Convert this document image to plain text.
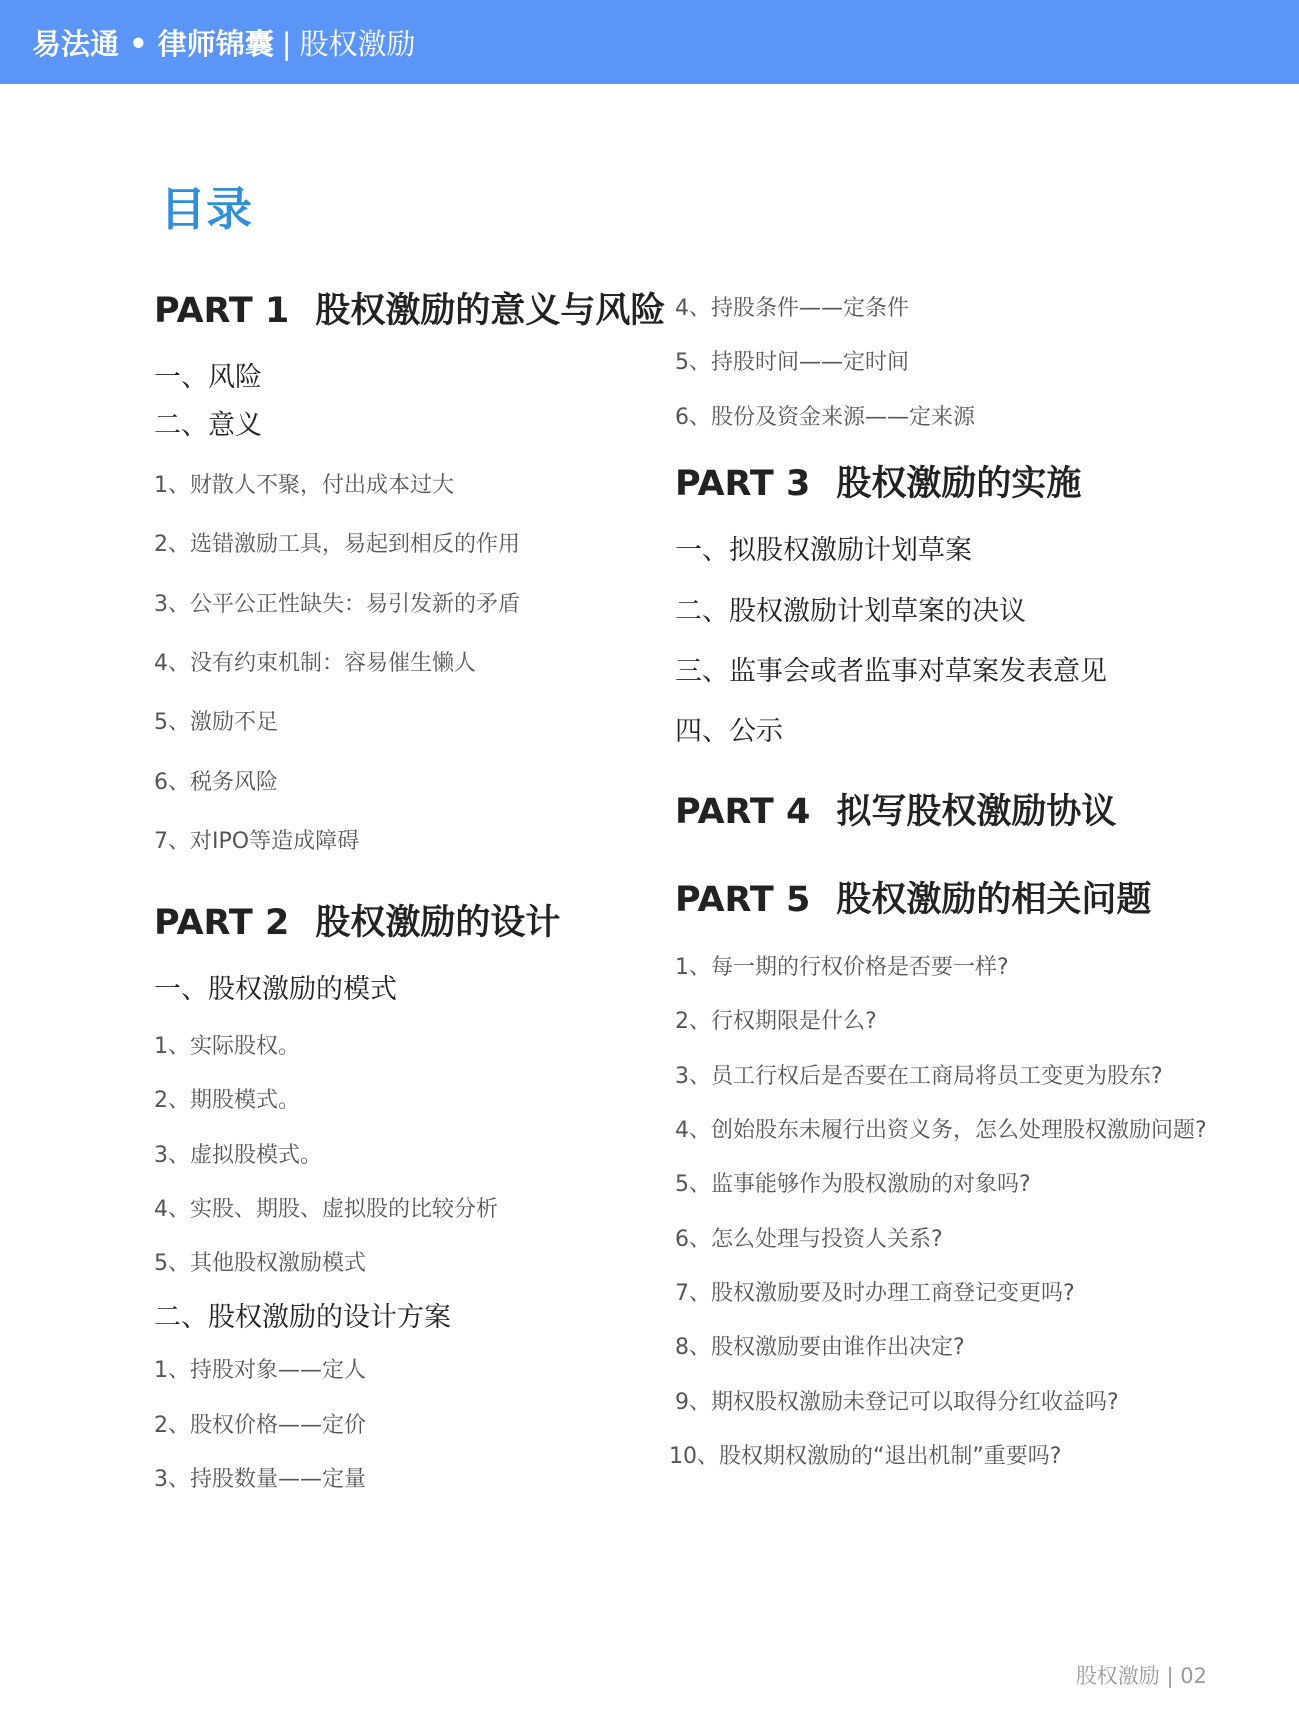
易法通 • 律师锦囊 | 股权激励
目录
PART 1 股权激励的意义与风险
一、风险
二、意义
1、财散人不聚，付出成本过大
2、选错激励工具，易起到相反的作用
3、公平公正性缺失：易引发新的矛盾
4、没有约束机制：容易催生懒人
5、激励不足
6、税务风险
7、对IPO等造成障碍
PART 2 股权激励的设计
一、股权激励的模式
1、实际股权。
2、期股模式。
3、虚拟股模式。
4、实股、期股、虚拟股的比较分析
5、其他股权激励模式
二、股权激励的设计方案
1、持股对象——定人
2、股权价格——定价
3、持股数量——定量
4、持股条件——定条件
5、持股时间——定时间
6、股份及资金来源——定来源
PART 3 股权激励的实施
一、拟股权激励计划草案
二、股权激励计划草案的决议
三、监事会或者监事对草案发表意见
四、公示
PART 4 拟写股权激励协议
PART 5 股权激励的相关问题
1、每一期的行权价格是否要一样?
2、行权期限是什么?
3、员工行权后是否要在工商局将员工变更为股东?
4、创始股东未履行出资义务，怎么处理股权激励问题?
5、监事能够作为股权激励的对象吗?
6、怎么处理与投资人关系?
7、股权激励要及时办理工商登记变更吗?
8、股权激励要由谁作出决定?
9、期权股权激励未登记可以取得分红收益吗?
10、股权期权激励的“退出机制”重要吗?
股权激励 | 02
